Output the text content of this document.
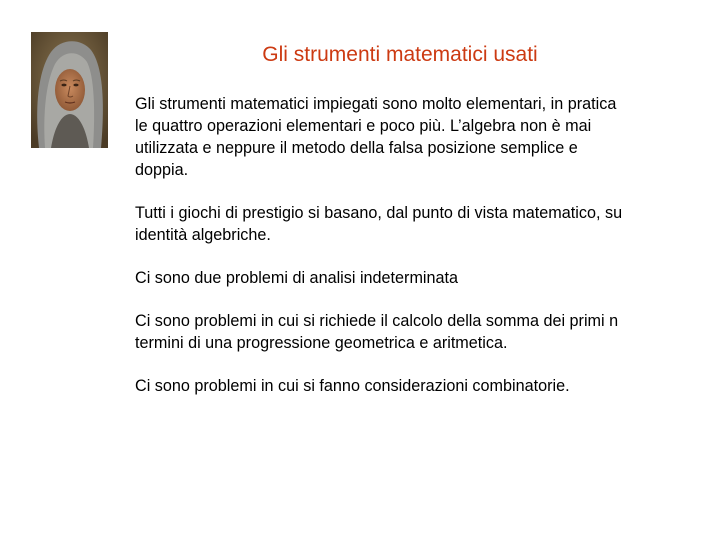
Gli strumenti matematici usati

Gli strumenti matematici impiegati sono molto elementari, in pratica
le quattro operazioni elementari e poco più. L’algebra non è mai
utilizzata e neppure il metodo della falsa posizione semplice e
doppia.

Tutti i giochi di prestigio si basano, dal punto di vista matematico, su
identità algebriche.

Ci sono due problemi di analisi indeterminata

Ci sono problemi in cui si richiede il calcolo della somma dei primi n
termini di una progressione geometrica e aritmetica.

Ci sono problemi in cui si fanno considerazioni combinatorie.
